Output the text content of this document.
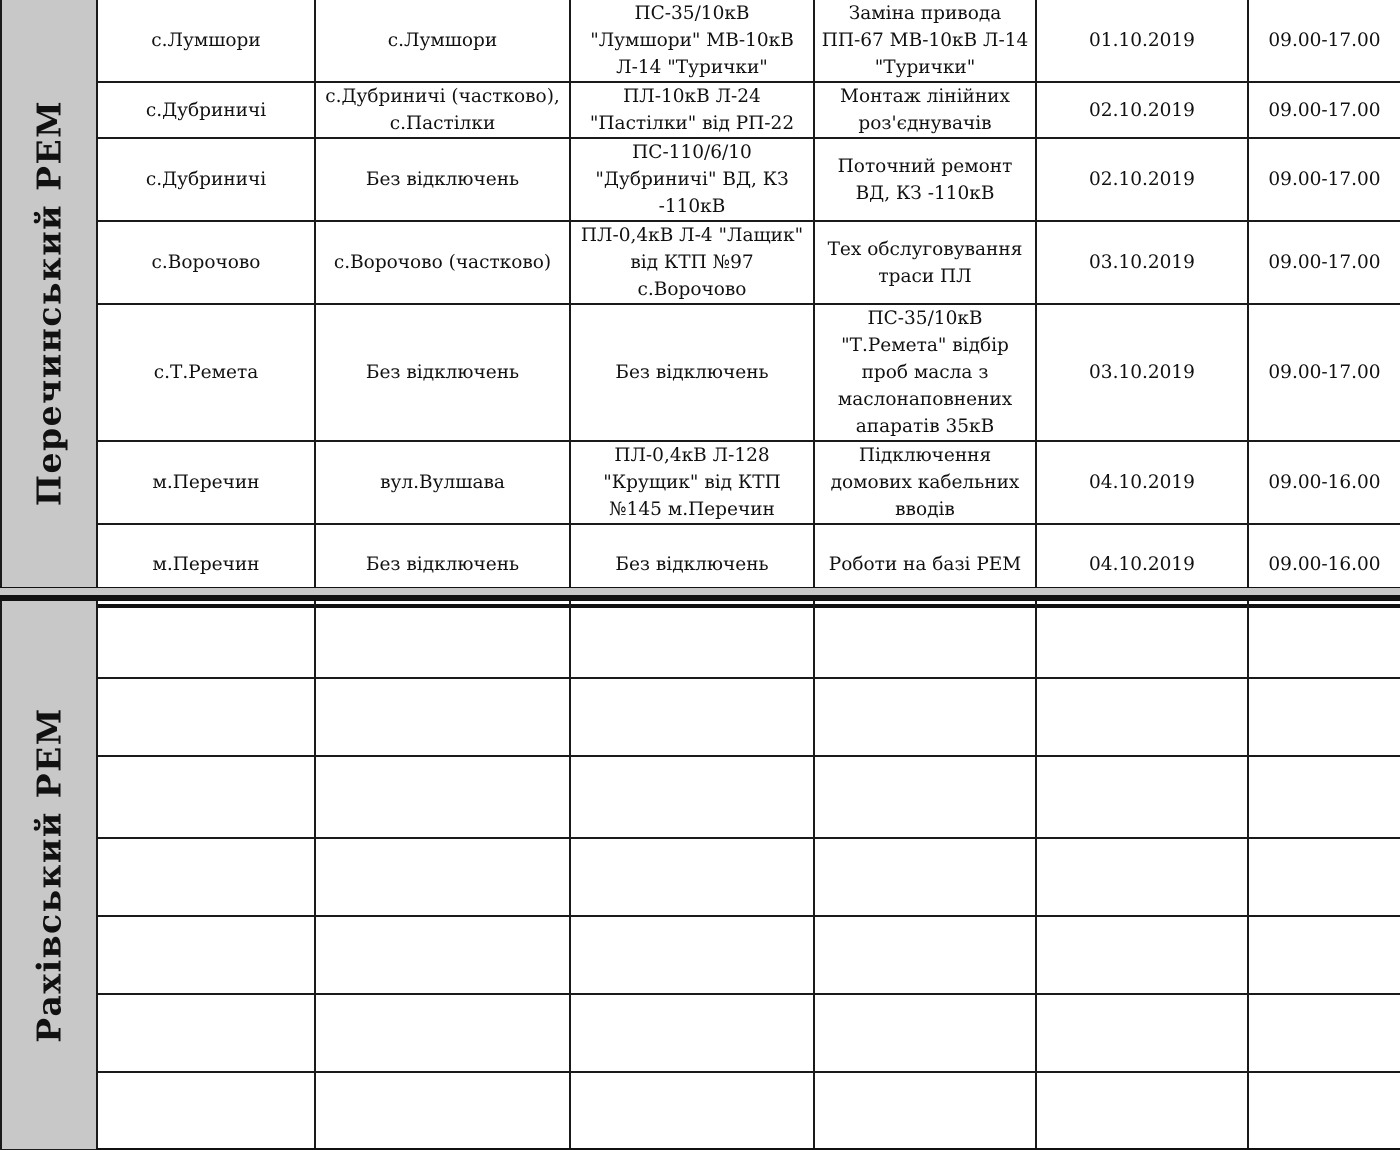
Перечинський РЕМ	с.Лумшори	с.Лумшори	ПС-35/10кВ "Лумшори" МВ-10кВ Л-14 "Турички"	Заміна привода ПП-67 МВ-10кВ Л-14 "Турички"	01.10.2019	09.00-17.00
	с.Дубриничі	с.Дубриничі (частково), с.Пастілки	ПЛ-10кВ Л-24 "Пастілки" від РП-22	Монтаж лінійних роз'єднувачів	02.10.2019	09.00-17.00
	с.Дубриничі	Без відключень	ПС-110/6/10 "Дубриничі" ВД, КЗ -110кВ	Поточний ремонт ВД, КЗ -110кВ	02.10.2019	09.00-17.00
	с.Ворочово	с.Ворочово (частково)	ПЛ-0,4кВ Л-4 "Лащик" від КТП №97 с.Ворочово	Тех обслуговування траси ПЛ	03.10.2019	09.00-17.00
	с.Т.Ремета	Без відключень	Без відключень	ПС-35/10кВ "Т.Ремета" відбір проб масла з маслонаповнених апаратів 35кВ	03.10.2019	09.00-17.00
	м.Перечин	вул.Вулшава	ПЛ-0,4кВ Л-128 "Крущик" від КТП №145 м.Перечин	Підключення домових кабельних вводів	04.10.2019	09.00-16.00
	м.Перечин	Без відключень	Без відключень	Роботи на базі РЕМ	04.10.2019	09.00-16.00
Рахівський РЕМ						
